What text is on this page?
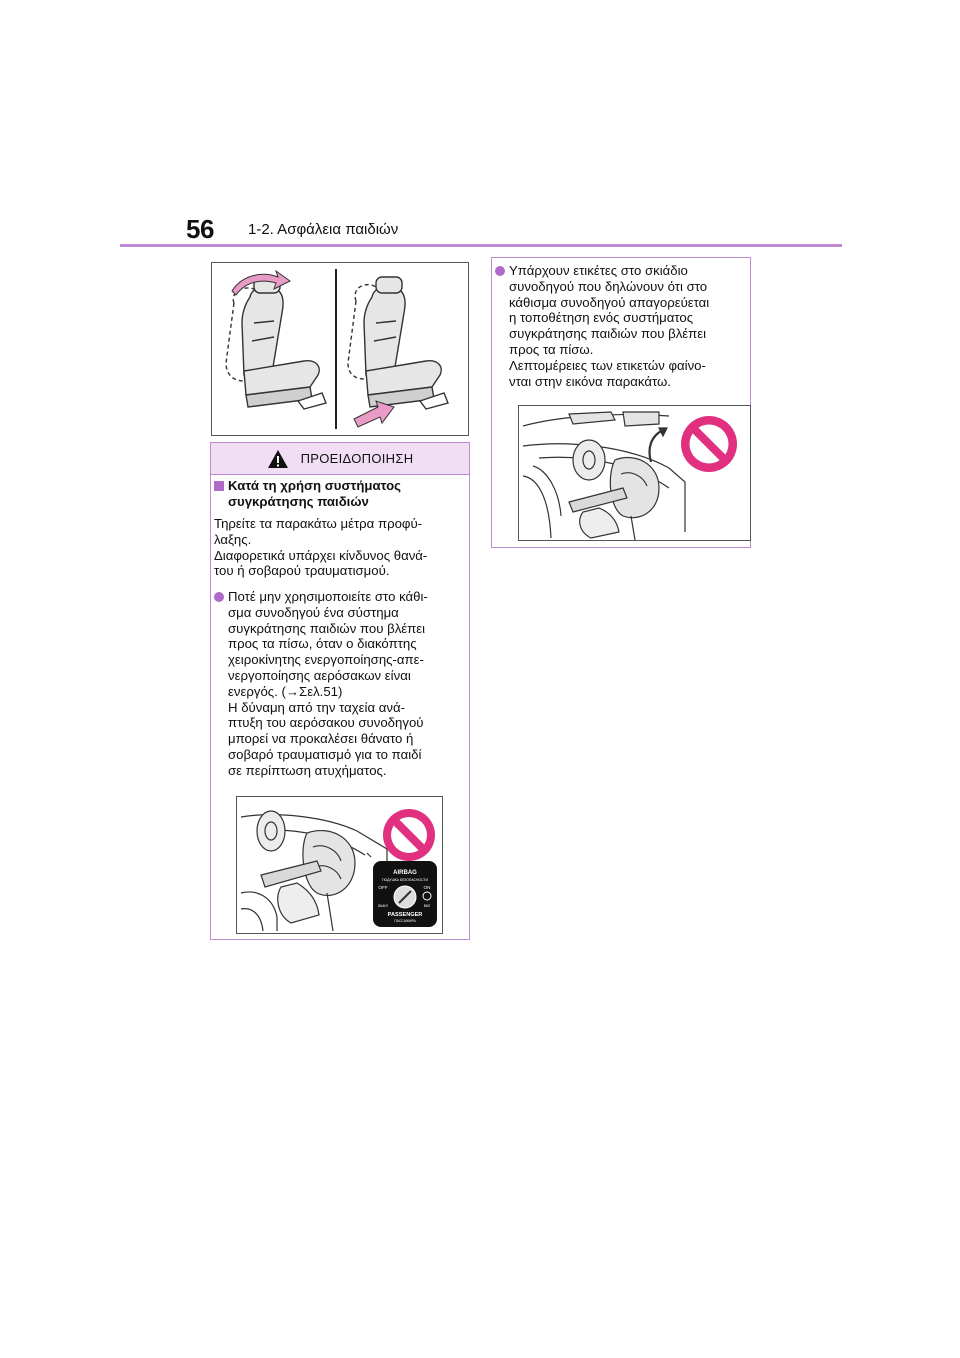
56 1-2. Ασφάλεια παιδιών
ΠΡΟΕΙΔΟΠΟΙΗΣΗ
Κατά τη χρήση συστήματος
συγκράτησης παιδιών
Τηρείτε τα παρακάτω μέτρα προφύ-
λαξης.
Διαφορετικά υπάρχει κίνδυνος θανά-
του ή σοβαρού τραυματισμού.
Ποτέ μην χρησιμοποιείτε στο κάθι-
σμα συνοδηγού ένα σύστημα
συγκράτησης παιδιών που βλέπει
προς τα πίσω, όταν ο διακόπτης
χειροκίνητης ενεργοποίησης-απε-
νεργοποίησης αερόσακων είναι
ενεργός. (→Σελ.51)
Η δύναμη από την ταχεία ανά-
πτυξη του αερόσακου συνοδηγού
μπορεί να προκαλέσει θάνατο ή
σοβαρό τραυματισμό για το παιδί
σε περίπτωση ατυχήματος.
AIRBAG
ПОДУШКА БЕЗОПАСНОСТИ
OFF	ON
ВЫКЛ	ВКЛ
PASSENGER
ПАССАЖИРА
Υπάρχουν ετικέτες στο σκιάδιο
συνοδηγού που δηλώνουν ότι στο
κάθισμα συνοδηγού απαγορεύεται
η τοποθέτηση ενός συστήματος
συγκράτησης παιδιών που βλέπει
προς τα πίσω.
Λεπτομέρειες των ετικετών φαίνο-
νται στην εικόνα παρακάτω.
